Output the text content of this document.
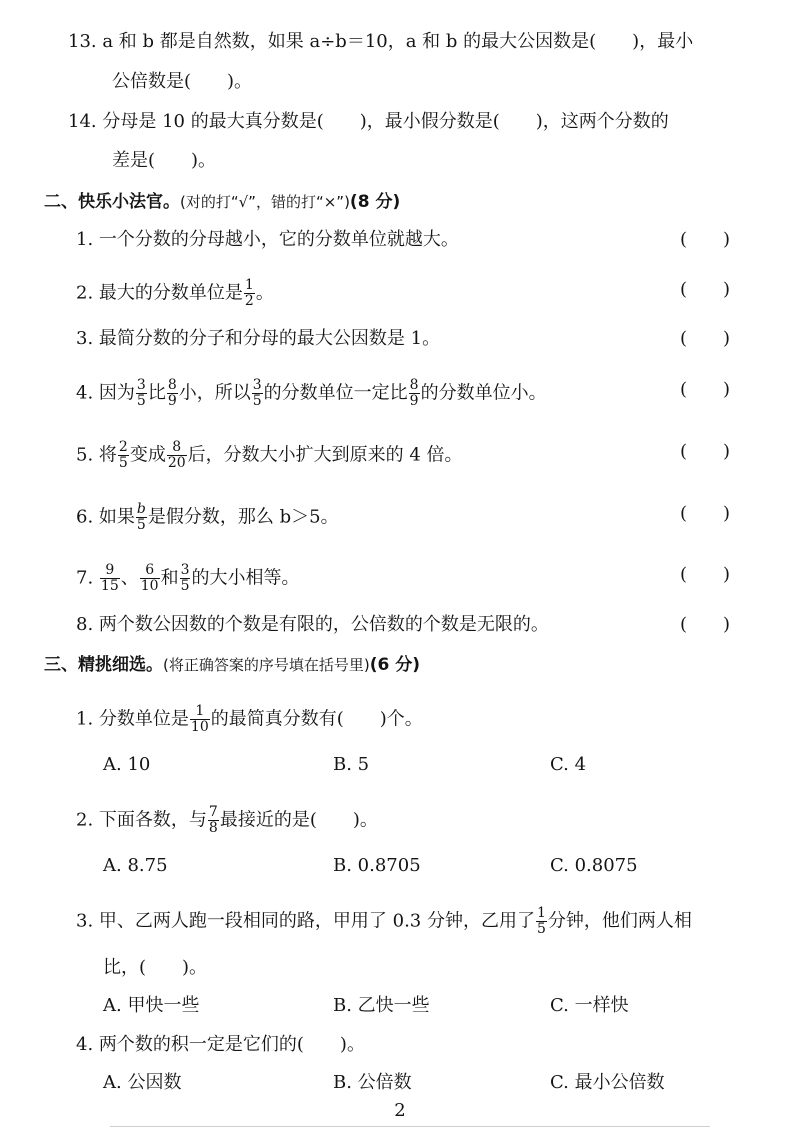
13. a 和 b 都是自然数，如果 a÷b＝10，a 和 b 的最大公因数是(　　)，最小
公倍数是(　　)。
14. 分母是 10 的最大真分数是(　　)，最小假分数是(　　)，这两个分数的
差是(　　)。
二、快乐小法官。(对的打“√”，错的打“×”)(8 分)
1. 一个分数的分母越小，它的分数单位就越大。	(　　)
2. 最大的分数单位是 $\frac{1}{2}$ 。	(　　)
3. 最简分数的分子和分母的最大公因数是 1。	(　　)
4. 因为 $\frac{3}{5}$ 比 $\frac{8}{9}$ 小，所以 $\frac{3}{5}$ 的分数单位一定比 $\frac{8}{9}$ 的分数单位小。	(　　)
5. 将 $\frac{2}{5}$ 变成 $\frac{8}{20}$ 后，分数大小扩大到原来的 4 倍。	(　　)
6. 如果 $\frac{b}{5}$ 是假分数，那么 b＞5。	(　　)
7. $\frac{9}{15}$ 、 $\frac{6}{10}$ 和 $\frac{3}{5}$ 的大小相等。	(　　)
8. 两个数公因数的个数是有限的，公倍数的个数是无限的。	(　　)
三、精挑细选。(将正确答案的序号填在括号里)(6 分)
1. 分数单位是 $\frac{1}{10}$ 的最简真分数有(　　)个。
A. 10	B. 5	C. 4
2. 下面各数，与 $\frac{7}{8}$ 最接近的是(　　)。
A. 8.75	B. 0.8705	C. 0.8075
3. 甲、乙两人跑一段相同的路，甲用了 0.3 分钟，乙用了 $\frac{1}{5}$ 分钟，他们两人相
比，(　　)。
A. 甲快一些	B. 乙快一些	C. 一样快
4. 两个数的积一定是它们的(　　)。
A. 公因数	B. 公倍数	C. 最小公倍数
2
